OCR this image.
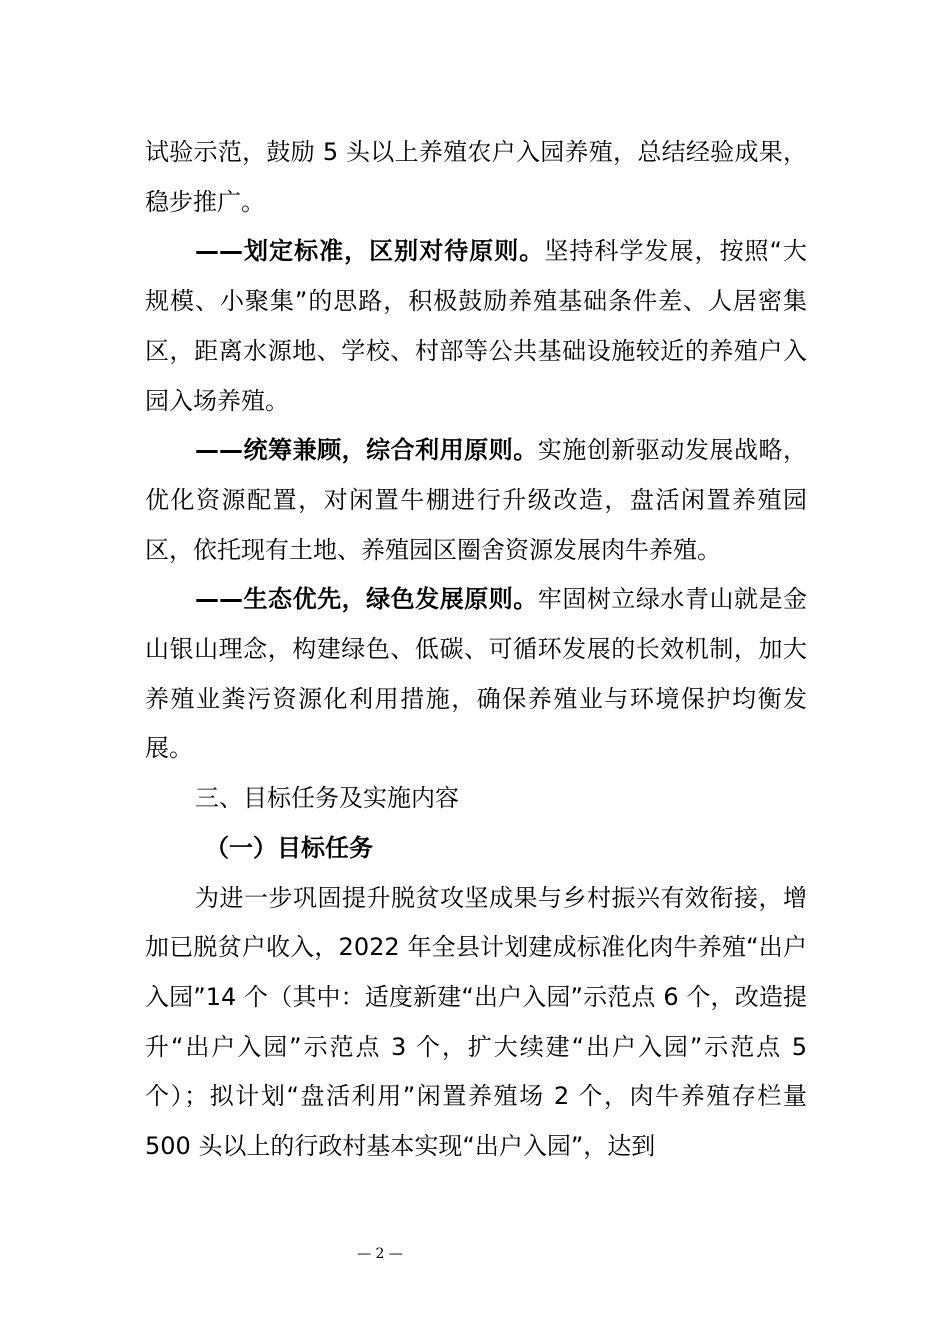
试验示范，鼓励 5 头以上养殖农户入园养殖，总结经验成果，稳步推广。

——划定标准，区别对待原则。坚持科学发展，按照“大规模、小聚集”的思路，积极鼓励养殖基础条件差、人居密集区，距离水源地、学校、村部等公共基础设施较近的养殖户入园入场养殖。

——统筹兼顾，综合利用原则。实施创新驱动发展战略，优化资源配置，对闲置牛棚进行升级改造，盘活闲置养殖园区，依托现有土地、养殖园区圈舍资源发展肉牛养殖。

——生态优先，绿色发展原则。牢固树立绿水青山就是金山银山理念，构建绿色、低碳、可循环发展的长效机制，加大养殖业粪污资源化利用措施，确保养殖业与环境保护均衡发展。

三、目标任务及实施内容

（一）目标任务

为进一步巩固提升脱贫攻坚成果与乡村振兴有效衔接，增加已脱贫户收入，2022 年全县计划建成标准化肉牛养殖“出户入园”14 个（其中：适度新建“出户入园”示范点 6 个，改造提升“出户入园”示范点 3 个，扩大续建“出户入园”示范点 5 个）；拟计划“盘活利用”闲置养殖场 2 个，肉牛养殖存栏量 500 头以上的行政村基本实现“出户入园”，达到

— 2 —
